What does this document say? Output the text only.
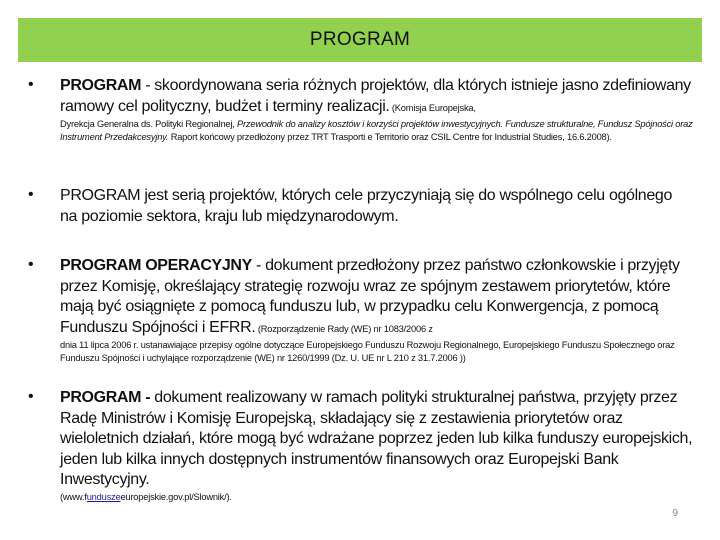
PROGRAM
• PROGRAM - skoordynowana seria różnych projektów, dla których istnieje jasno zdefiniowany ramowy cel polityczny, budżet i terminy realizacji. (Komisja Europejska,
Dyrekcja Generalna ds. Polityki Regionalnej, Przewodnik do analizy kosztów i korzyści projektów inwestycyjnych. Fundusze strukturalne, Fundusz Spójności oraz Instrument Przedakcesyjny. Raport końcowy przedłożony przez TRT Trasporti e Territorio oraz CSIL Centre for Industrial Studies, 16.6.2008).
• PROGRAM jest serią projektów, których cele przyczyniają się do wspólnego celu ogólnego na poziomie sektora, kraju lub międzynarodowym.
• PROGRAM OPERACYJNY - dokument przedłożony przez państwo członkowskie i przyjęty przez Komisję, określający strategię rozwoju wraz ze spójnym zestawem priorytetów, które mają być osiągnięte z pomocą funduszu lub, w przypadku celu Konwergencja, z pomocą Funduszu Spójności i EFRR. (Rozporządzenie Rady (WE) nr 1083/2006 z
dnia 11 lipca 2006 r. ustanawiające przepisy ogólne dotyczące Europejskiego Funduszu Rozwoju Regionalnego, Europejskiego Funduszu Społecznego oraz Funduszu Spójności i uchylające rozporządzenie (WE) nr 1260/1999 (Dz. U. UE nr L 210 z 31.7.2006 ))
• PROGRAM - dokument realizowany w ramach polityki strukturalnej państwa, przyjęty przez Radę Ministrów i Komisję Europejską, składający się z zestawienia priorytetów oraz wieloletnich działań, które mogą być wdrażane poprzez jeden lub kilka funduszy europejskich, jeden lub kilka innych dostępnych instrumentów finansowych oraz Europejski Bank Inwestycyjny.
(www.funduszeeuropejskie.gov.pl/Slownik/).
9
